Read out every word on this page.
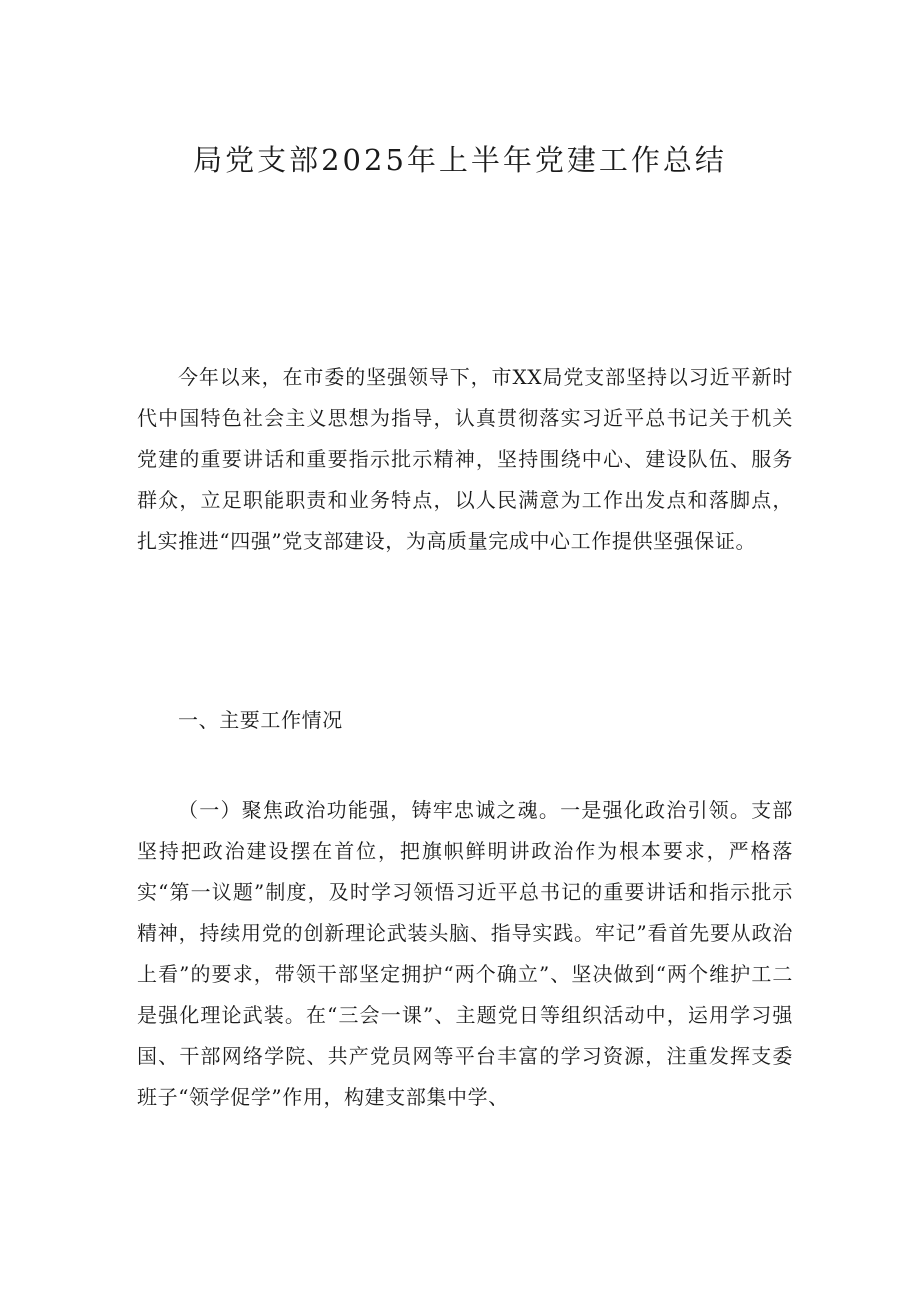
局党支部2025年上半年党建工作总结

今年以来，在市委的坚强领导下，市XX局党支部坚持以习近平新时代中国特色社会主义思想为指导，认真贯彻落实习近平总书记关于机关党建的重要讲话和重要指示批示精神，坚持围绕中心、建设队伍、服务群众，立足职能职责和业务特点，以人民满意为工作出发点和落脚点，扎实推进“四强”党支部建设，为高质量完成中心工作提供坚强保证。

一、主要工作情况

（一）聚焦政治功能强，铸牢忠诚之魂。一是强化政治引领。支部坚持把政治建设摆在首位，把旗帜鲜明讲政治作为根本要求，严格落实“第一议题”制度，及时学习领悟习近平总书记的重要讲话和指示批示精神，持续用党的创新理论武装头脑、指导实践。牢记”看首先要从政治上看”的要求，带领干部坚定拥护“两个确立”、坚决做到“两个维护工二是强化理论武装。在“三会一课”、主题党日等组织活动中，运用学习强国、干部网络学院、共产党员网等平台丰富的学习资源，注重发挥支委班子“领学促学”作用，构建支部集中学、
